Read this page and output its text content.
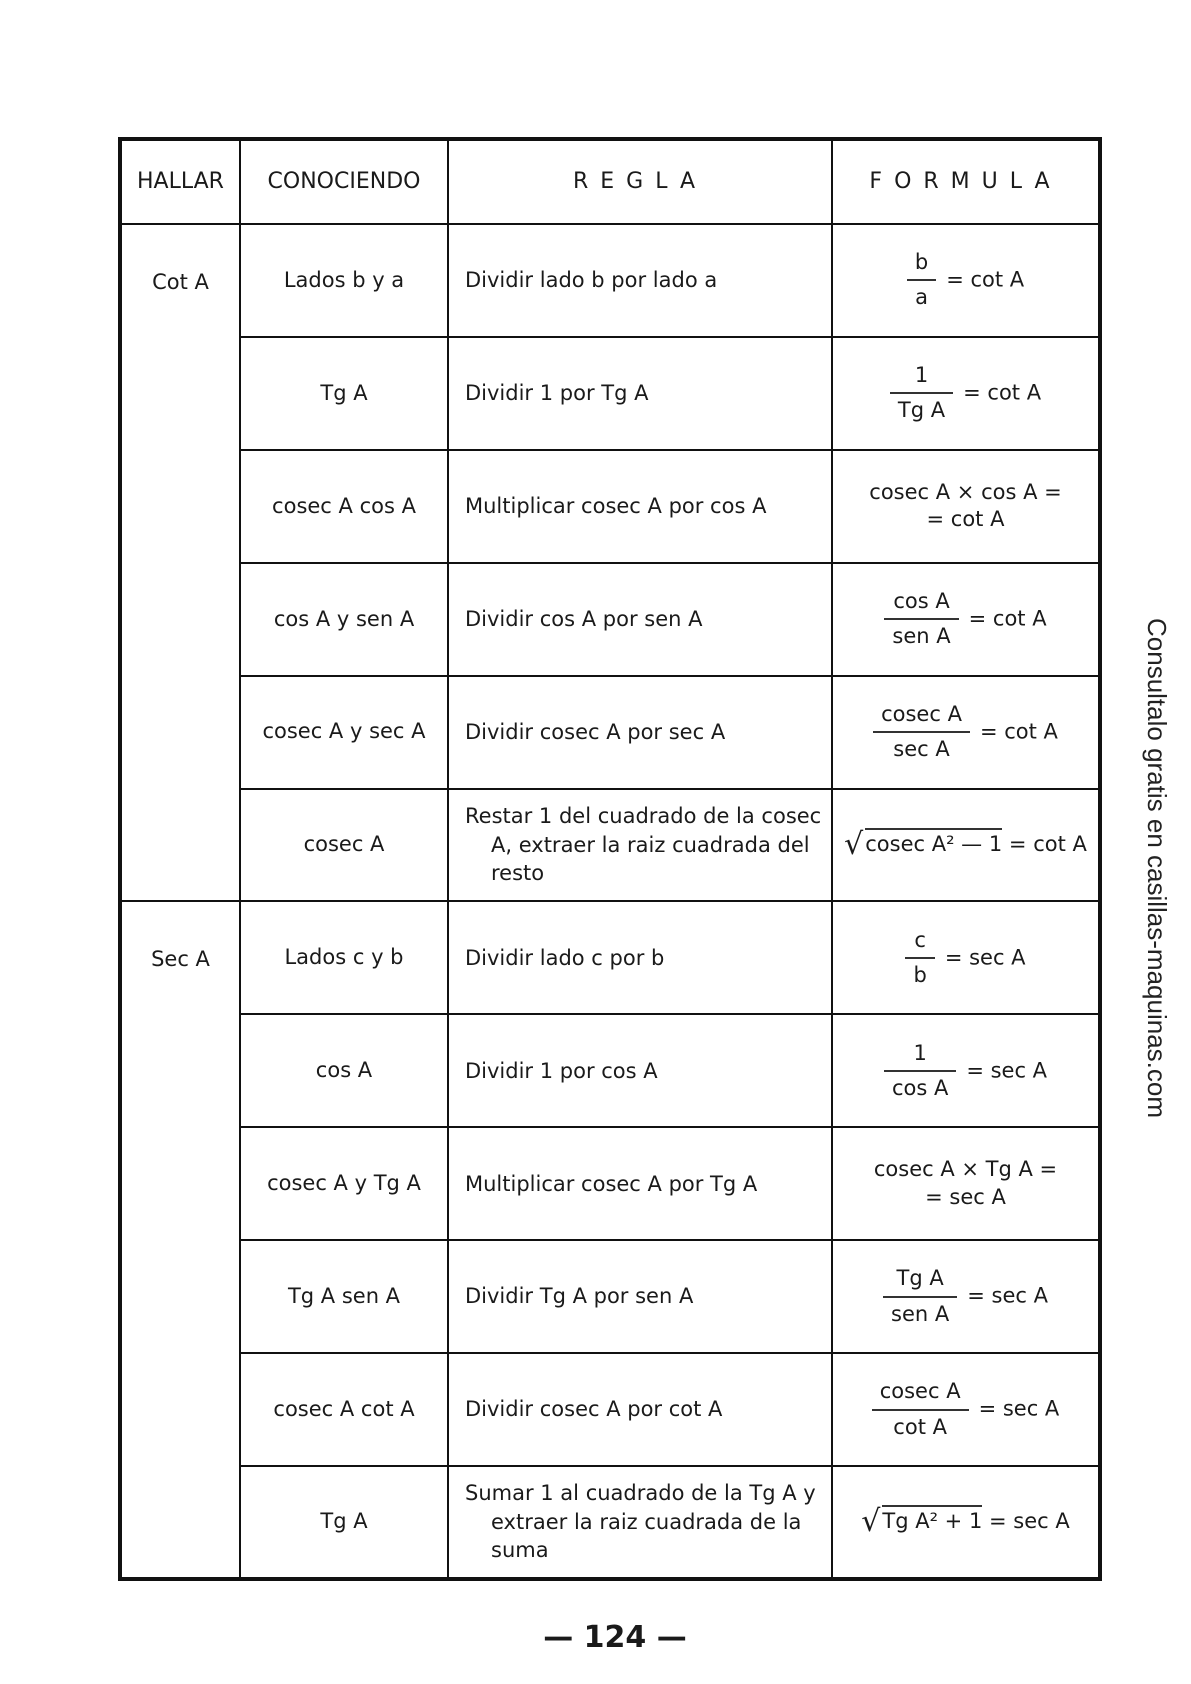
HALLAR	CONOCIENDO	REGLA	FORMULA
Cot A	Lados b y a	Dividir lado b por lado a	$\frac{b}{a} = \cot A$
	Tg A	Dividir 1 por Tg A	$\frac{1}{\text{Tg A}} = \cot A$
	cosec A cos A	Multiplicar cosec A por cos A	cosec A × cos A =
= cot A

	cos A y sen A	Dividir cos A por sen A	$\frac{\text{cos A}}{\text{sen A}} = \cot A$
	cosec A y sec A	Dividir cosec A por sec A	$\frac{\text{cosec A}}{\text{sec A}} = \cot A$
	cosec A	Restar 1 del cuadrado de la cosec A, extraer la raiz cuadrada del resto	√cosec A² — 1 = cot A
Sec A	Lados c y b	Dividir lado c por b	$\frac{c}{b} = \sec A$
	cos A	Dividir 1 por cos A	$\frac{1}{\text{cos A}} = \sec A$
	cosec A y Tg A	Multiplicar cosec A por Tg A	cosec A × Tg A =
= sec A

	Tg A sen A	Dividir Tg A por sen A	$\frac{\text{Tg A}}{\text{sen A}} = \sec A$
	cosec A cot A	Dividir cosec A por cot A	$\frac{\text{cosec A}}{\text{cot A}} = \sec A$
	Tg A	Sumar 1 al cuadrado de la Tg A y extraer la raiz cuadrada de la suma	√Tg A² + 1 = sec A
— 124 —
Consultalo gratis en casillas-maquinas.com
